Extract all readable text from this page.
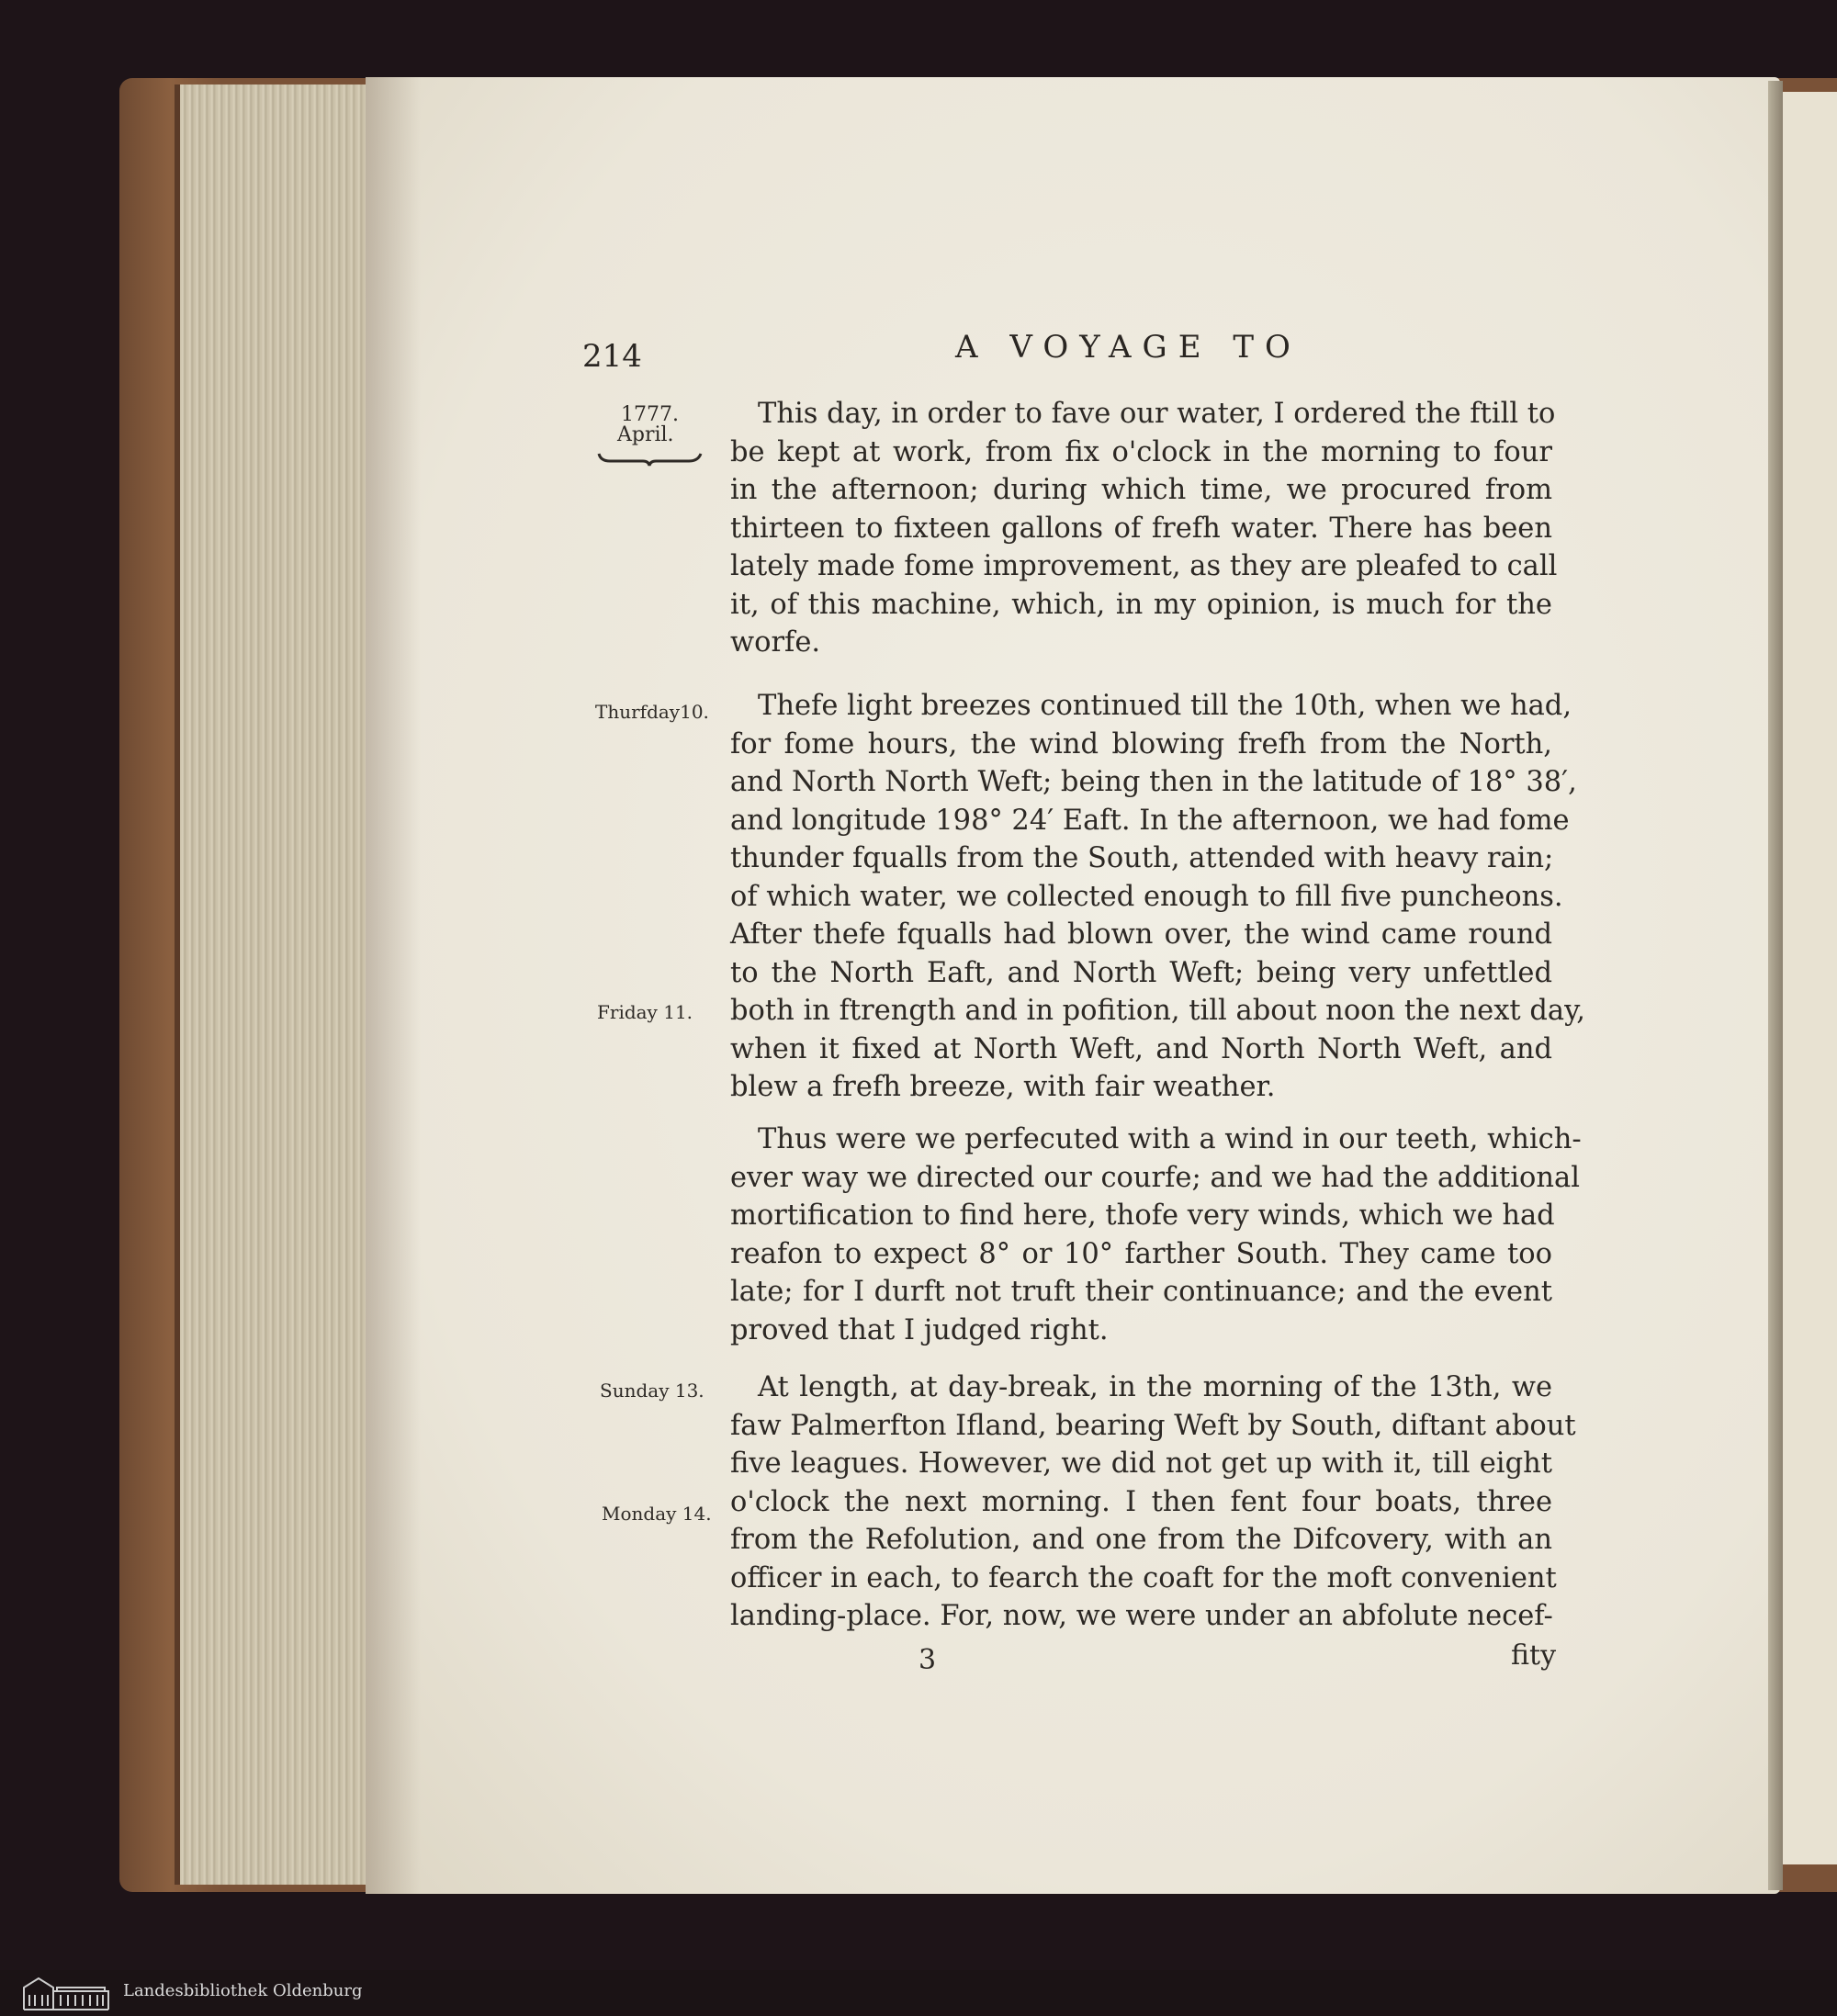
214	A VOYAGE TO
1777.
April.
Thurfday10.
Friday 11.
Sunday 13.
Monday 14.
This day, in order to fave our water, I ordered the ftill to
be kept at work, from fix o'clock in the morning to four
in the afternoon; during which time, we procured from
thirteen to fixteen gallons of frefh water. There has been
lately made fome improvement, as they are pleafed to call
it, of this machine, which, in my opinion, is much for the
worfe.
Thefe light breezes continued till the 10th, when we had,
for fome hours, the wind blowing frefh from the North,
and North North Weft; being then in the latitude of 18° 38′,
and longitude 198° 24′ Eaft. In the afternoon, we had fome
thunder fqualls from the South, attended with heavy rain;
of which water, we collected enough to fill five puncheons.
After thefe fqualls had blown over, the wind came round
to the North Eaft, and North Weft; being very unfettled
both in ftrength and in pofition, till about noon the next day,
when it fixed at North Weft, and North North Weft, and
blew a frefh breeze, with fair weather.
Thus were we perfecuted with a wind in our teeth, which-
ever way we directed our courfe; and we had the additional
mortification to find here, thofe very winds, which we had
reafon to expect 8° or 10° farther South. They came too
late; for I durft not truft their continuance; and the event
proved that I judged right.
At length, at day-break, in the morning of the 13th, we
faw Palmerfton Ifland, bearing Weft by South, diftant about
five leagues. However, we did not get up with it, till eight
o'clock the next morning. I then fent four boats, three
from the Refolution, and one from the Difcovery, with an
officer in each, to fearch the coaft for the moft convenient
landing-place. For, now, we were under an abfolute necef-
3	fity
Landesbibliothek Oldenburg
